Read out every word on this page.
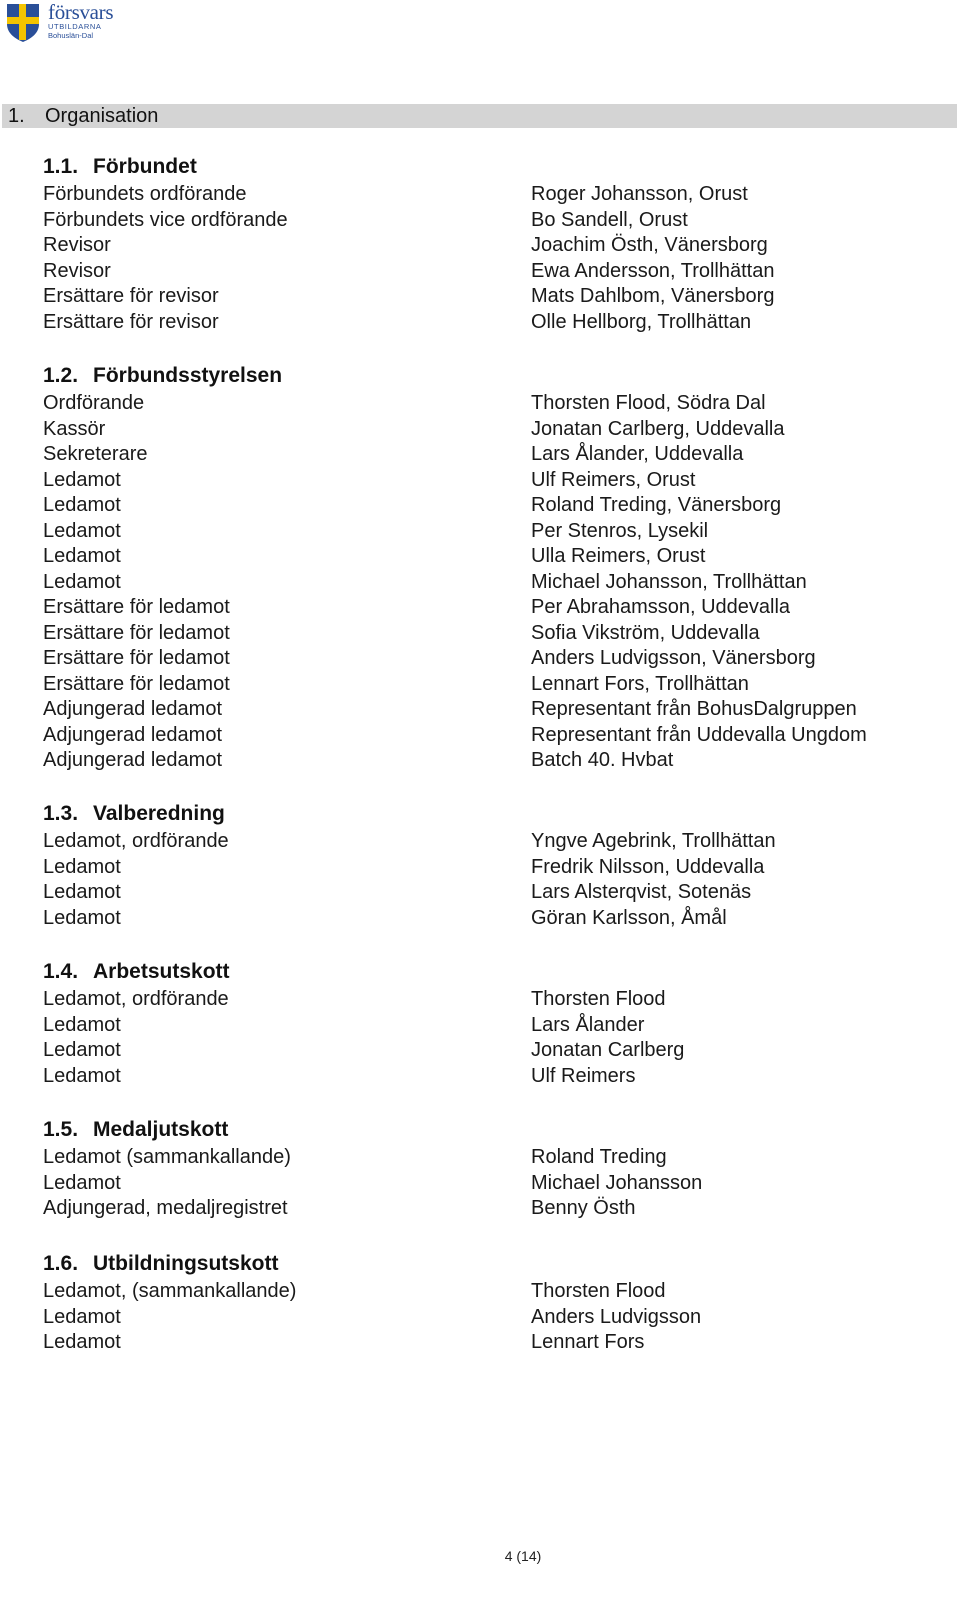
försvars
UTBILDARNA
Bohuslän-Dal
1.	Organisation
1.1. Förbundet
Förbundets ordförande	Roger Johansson, Orust
Förbundets vice ordförande	Bo Sandell, Orust
Revisor	Joachim Östh, Vänersborg
Revisor	Ewa Andersson, Trollhättan
Ersättare för revisor	Mats Dahlbom, Vänersborg
Ersättare för revisor	Olle Hellborg, Trollhättan
1.2. Förbundsstyrelsen
Ordförande	Thorsten Flood, Södra Dal
Kassör	Jonatan Carlberg, Uddevalla
Sekreterare	Lars Ålander, Uddevalla
Ledamot	Ulf Reimers, Orust
Ledamot	Roland Treding, Vänersborg
Ledamot	Per Stenros, Lysekil
Ledamot	Ulla Reimers, Orust
Ledamot	Michael Johansson, Trollhättan
Ersättare för ledamot	Per Abrahamsson, Uddevalla
Ersättare för ledamot	Sofia Vikström, Uddevalla
Ersättare för ledamot	Anders Ludvigsson, Vänersborg
Ersättare för ledamot	Lennart Fors, Trollhättan
Adjungerad ledamot	Representant från BohusDalgruppen
Adjungerad ledamot	Representant från Uddevalla Ungdom
Adjungerad ledamot	Batch 40. Hvbat
1.3. Valberedning
Ledamot, ordförande	Yngve Agebrink, Trollhättan
Ledamot	Fredrik Nilsson, Uddevalla
Ledamot	Lars Alsterqvist, Sotenäs
Ledamot	Göran Karlsson, Åmål
1.4. Arbetsutskott
Ledamot, ordförande	Thorsten Flood
Ledamot	Lars Ålander
Ledamot	Jonatan Carlberg
Ledamot	Ulf Reimers
1.5. Medaljutskott
Ledamot (sammankallande)	Roland Treding
Ledamot	Michael Johansson
Adjungerad, medaljregistret	Benny Östh
1.6. Utbildningsutskott
Ledamot, (sammankallande)	Thorsten Flood
Ledamot	Anders Ludvigsson
Ledamot	Lennart Fors
4 (14)
